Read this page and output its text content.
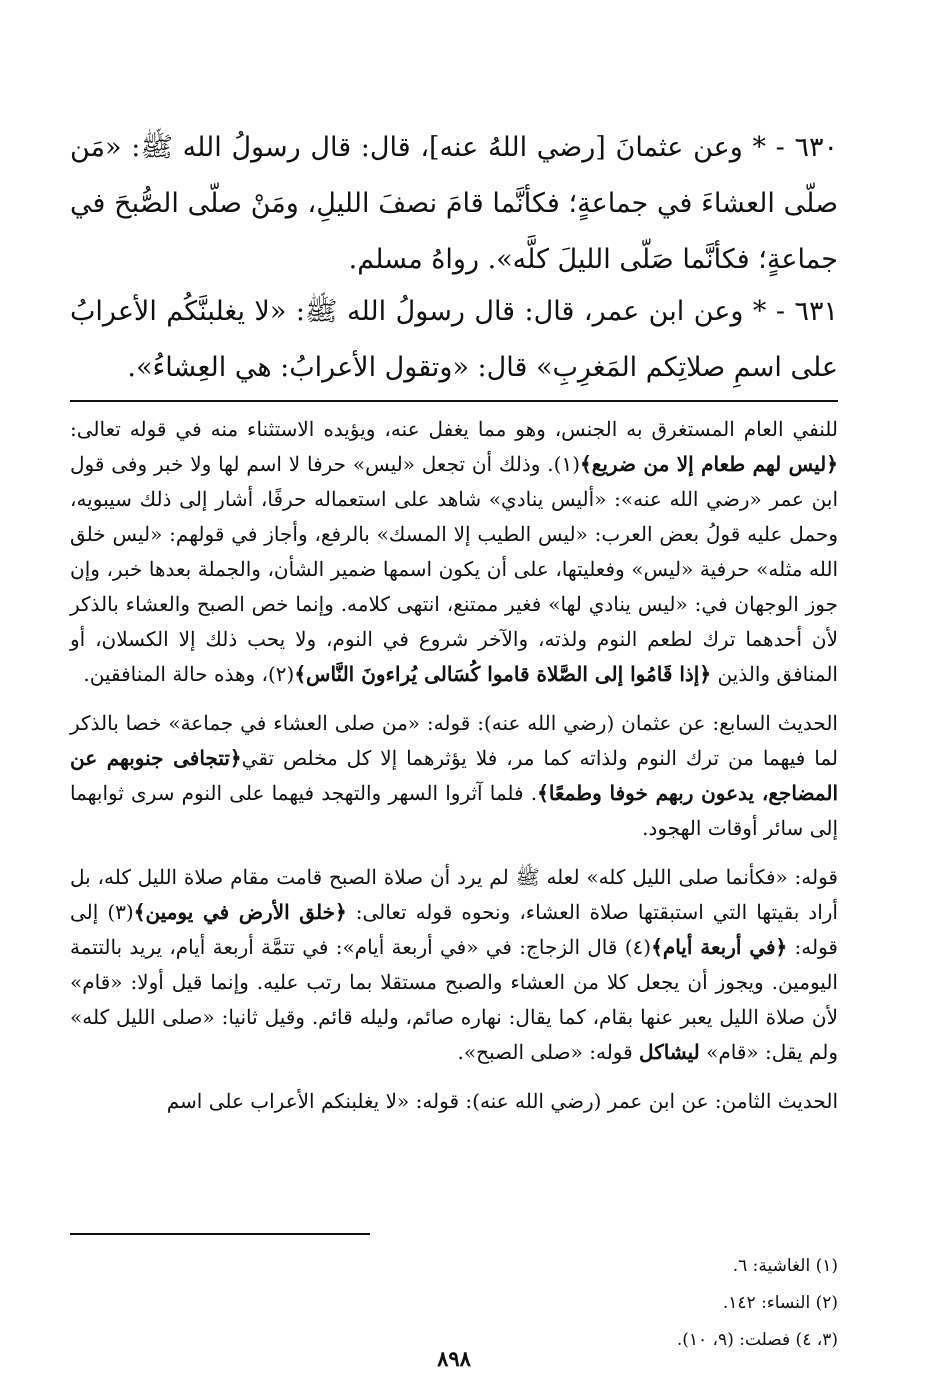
٦٣٠ - * وعن عثمانَ [رضي اللهُ عنه]، قال: قال رسولُ الله ﷺ: «مَن صلّى العشاءَ في جماعةٍ؛ فكأنَّما قامَ نصفَ الليلِ، ومَنْ صلّى الصُّبحَ في جماعةٍ؛ فكأنَّما صَلّى الليلَ كلَّه». رواهُ مسلم.

٦٣١ - * وعن ابن عمر، قال: قال رسولُ الله ﷺ: «لا يغلبنَّكُم الأعرابُ على اسمِ صلاتِكم المَغرِبِ» قال: «وتقول الأعرابُ: هي العِشاءُ».

للنفي العام المستغرق به الجنس، وهو مما يغفل عنه، ويؤيده الاستثناء منه في قوله تعالى: ﴿ليس لهم طعام إلا من ضريع﴾(١). وذلك أن تجعل «ليس» حرفا لا اسم لها ولا خبر وفى قول ابن عمر «رضي الله عنه»: «أليس ينادي» شاهد على استعماله حرفًا، أشار إلى ذلك سيبويه، وحمل عليه قولُ بعض العرب: «ليس الطيب إلا المسك» بالرفع، وأجاز في قولهم: «ليس خلق الله مثله» حرفية «ليس» وفعليتها، على أن يكون اسمها ضمير الشأن، والجملة بعدها خبر، وإن جوز الوجهان في: «ليس ينادي لها» فغير ممتنع، انتهى كلامه. وإنما خص الصبح والعشاء بالذكر لأن أحدهما ترك لطعم النوم ولذته، والآخر شروع في النوم، ولا يحب ذلك إلا الكسلان، أو المنافق والذين ﴿إذا قَامُوا إلى الصَّلاة قاموا كُسَالى يُراءونَ النَّاس﴾(٢)، وهذه حالة المنافقين.

الحديث السابع: عن عثمان (رضي الله عنه): قوله: «من صلى العشاء في جماعة» خصا بالذكر لما فيهما من ترك النوم ولذاته كما مر، فلا يؤثرهما إلا كل مخلص تقي﴿تتجافى جنوبهم عن المضاجع، يدعون ربهم خوفا وطمعًا﴾. فلما آثروا السهر والتهجد فيهما على النوم سرى ثوابهما إلى سائر أوقات الهجود.

قوله: «فكأنما صلى الليل كله» لعله ﷺ لم يرد أن صلاة الصبح قامت مقام صلاة الليل كله، بل أراد بقيتها التي استبقتها صلاة العشاء، ونحوه قوله تعالى: ﴿خلق الأرض في يومين﴾(٣) إلى قوله: ﴿في أربعة أيام﴾(٤) قال الزجاج: في «في أربعة أيام»: في تتمَّة أربعة أيام، يريد بالتتمة اليومين. ويجوز أن يجعل كلا من العشاء والصبح مستقلا بما رتب عليه. وإنما قيل أولا: «قام» لأن صلاة الليل يعبر عنها بقام، كما يقال: نهاره صائم، وليله قائم. وقيل ثانيا: «صلى الليل كله» ولم يقل: «قام» ليشاكل قوله: «صلى الصبح».

الحديث الثامن: عن ابن عمر (رضي الله عنه): قوله: «لا يغلبنكم الأعراب على اسم

(١) الغاشية: ٦.

(٢) النساء: ١٤٢.

(٣، ٤) فصلت: (٩، ١٠).

٨٩٨
